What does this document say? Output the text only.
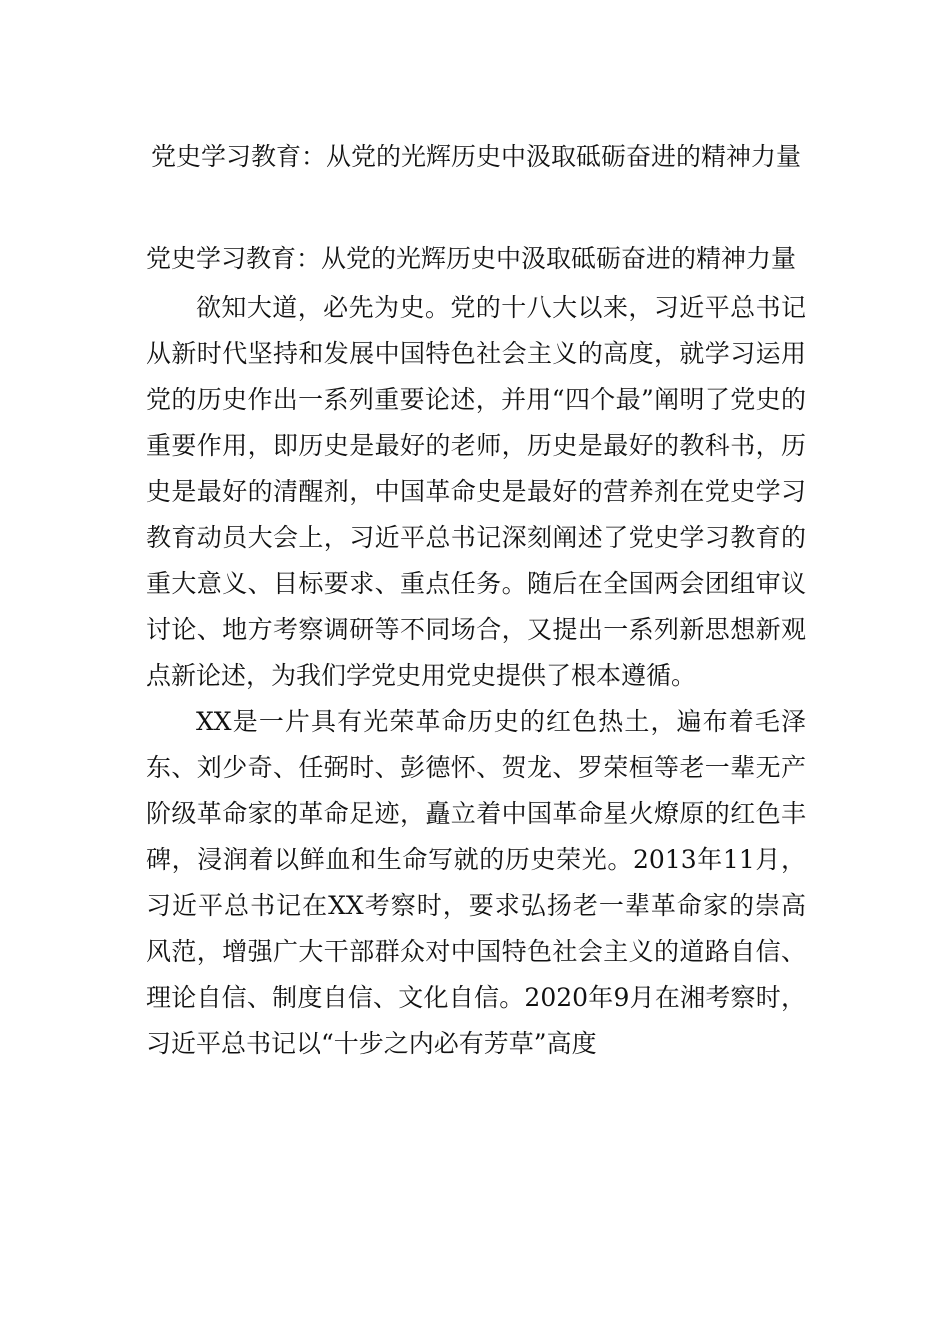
党史学习教育：从党的光辉历史中汲取砥砺奋进的精神力量

党史学习教育：从党的光辉历史中汲取砥砺奋进的精神力量

欲知大道，必先为史。党的十八大以来，习近平总书记从新时代坚持和发展中国特色社会主义的高度，就学习运用党的历史作出一系列重要论述，并用“四个最”阐明了党史的重要作用，即历史是最好的老师，历史是最好的教科书，历史是最好的清醒剂，中国革命史是最好的营养剂在党史学习教育动员大会上，习近平总书记深刻阐述了党史学习教育的重大意义、目标要求、重点任务。随后在全国两会团组审议讨论、地方考察调研等不同场合，又提出一系列新思想新观点新论述，为我们学党史用党史提供了根本遵循。

XX是一片具有光荣革命历史的红色热土，遍布着毛泽东、刘少奇、任弼时、彭德怀、贺龙、罗荣桓等老一辈无产阶级革命家的革命足迹，矗立着中国革命星火燎原的红色丰碑，浸润着以鲜血和生命写就的历史荣光。2013年11月，习近平总书记在XX考察时，要求弘扬老一辈革命家的崇高风范，增强广大干部群众对中国特色社会主义的道路自信、理论自信、制度自信、文化自信。2020年9月在湘考察时，习近平总书记以“十步之内必有芳草”高度
